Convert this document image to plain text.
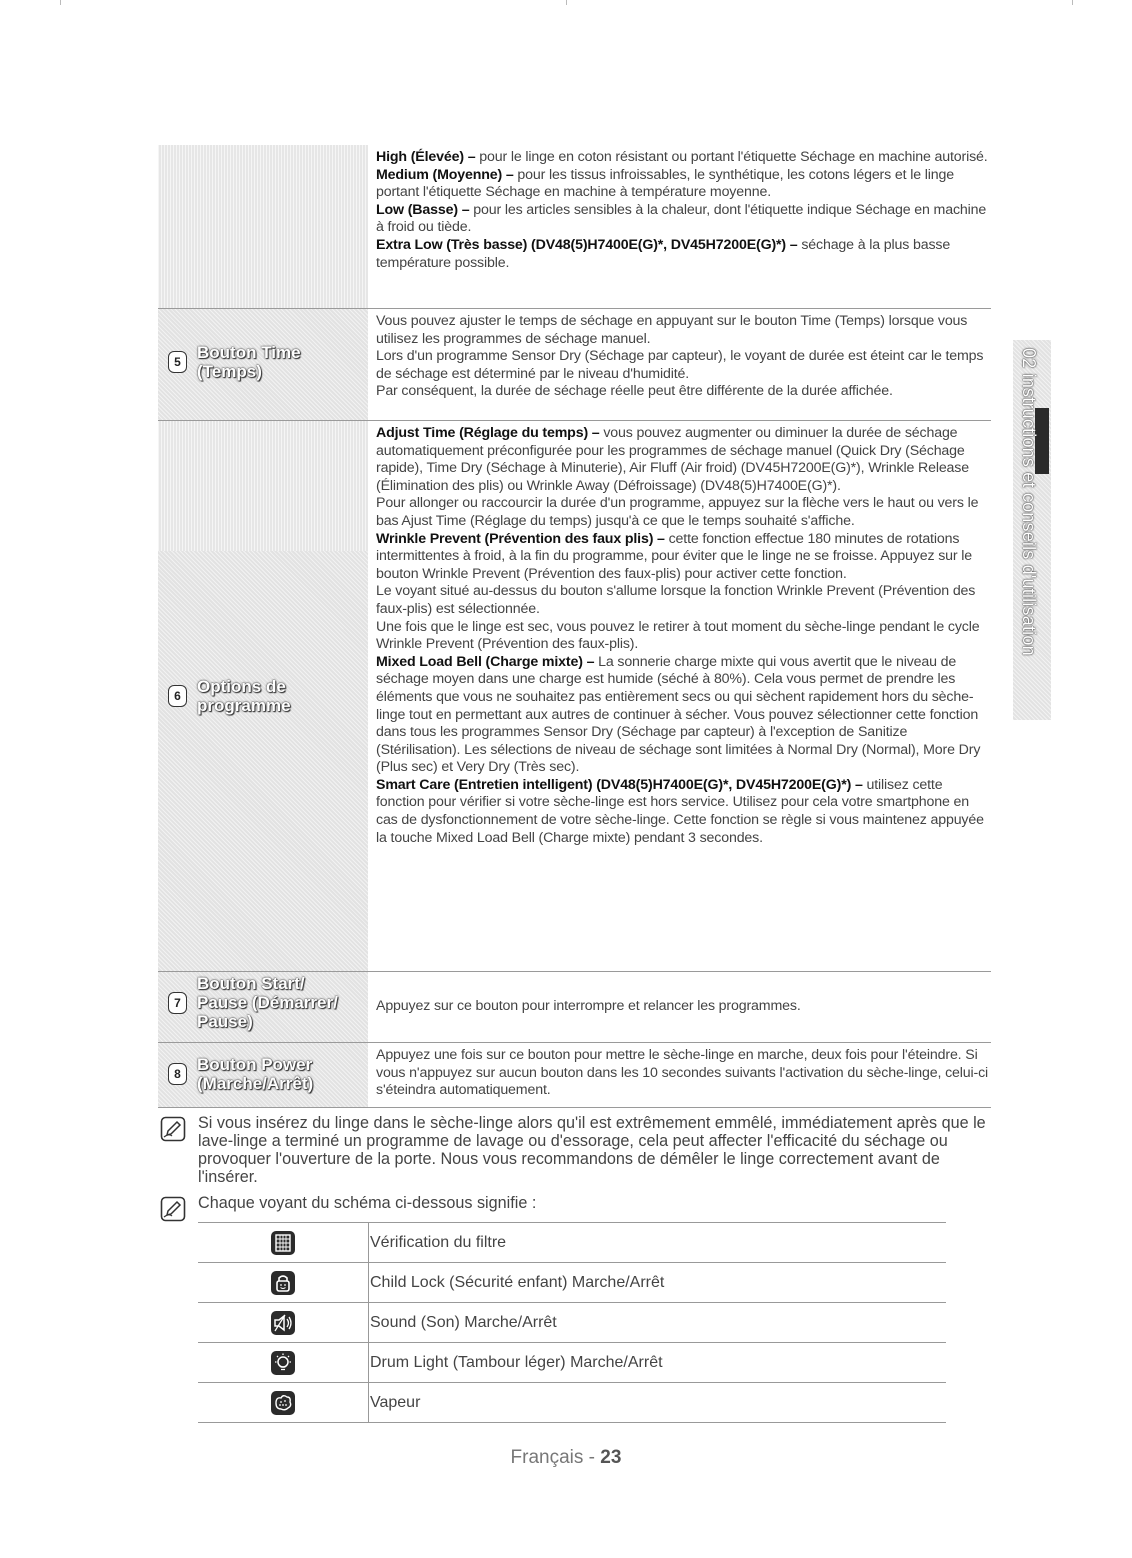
02 instructions et conseils d'utilisation

High (Élevée) – pour le linge en coton résistant ou portant l'étiquette Séchage en machine autorisé.

Medium (Moyenne) – pour les tissus infroissables, le synthétique, les cotons légers et le linge portant l'étiquette Séchage en machine à température moyenne.

Low (Basse) – pour les articles sensibles à la chaleur, dont l'étiquette indique Séchage en machine à froid ou tiède.

Extra Low (Très basse) (DV48(5)H7400E(G)*, DV45H7200E(G)*) – séchage à la plus basse température possible.

5 Bouton Time (Temps)

Vous pouvez ajuster le temps de séchage en appuyant sur le bouton Time (Temps) lorsque vous utilisez les programmes de séchage manuel.

Lors d'un programme Sensor Dry (Séchage par capteur), le voyant de durée est éteint car le temps de séchage est déterminé par le niveau d'humidité.

Par conséquent, la durée de séchage réelle peut être différente de la durée affichée.

6 Options de programme

Adjust Time (Réglage du temps) – vous pouvez augmenter ou diminuer la durée de séchage automatiquement préconfigurée pour les programmes de séchage manuel (Quick Dry (Séchage rapide), Time Dry (Séchage à Minuterie), Air Fluff (Air froid) (DV45H7200E(G)*), Wrinkle Release (Élimination des plis) ou Wrinkle Away (Défroissage) (DV48(5)H7400E(G)*).

Pour allonger ou raccourcir la durée d'un programme, appuyez sur la flèche vers le haut ou vers le bas Ajust Time (Réglage du temps) jusqu'à ce que le temps souhaité s'affiche.

Wrinkle Prevent (Prévention des faux plis) – cette fonction effectue 180 minutes de rotations intermittentes à froid, à la fin du programme, pour éviter que le linge ne se froisse. Appuyez sur le bouton Wrinkle Prevent (Prévention des faux-plis) pour activer cette fonction.

Le voyant situé au-dessus du bouton s'allume lorsque la fonction Wrinkle Prevent (Prévention des faux-plis) est sélectionnée.

Une fois que le linge est sec, vous pouvez le retirer à tout moment du sèche-linge pendant le cycle Wrinkle Prevent (Prévention des faux-plis).

Mixed Load Bell (Charge mixte) – La sonnerie charge mixte qui vous avertit que le niveau de séchage moyen dans une charge est humide (séché à 80%). Cela vous permet de prendre les éléments que vous ne souhaitez pas entièrement secs ou qui sèchent rapidement hors du sèche-linge tout en permettant aux autres de continuer à sécher. Vous pouvez sélectionner cette fonction dans tous les programmes Sensor Dry (Séchage par capteur) à l'exception de Sanitize (Stérilisation). Les sélections de niveau de séchage sont limitées à Normal Dry (Normal), More Dry (Plus sec) et Very Dry (Très sec).

Smart Care (Entretien intelligent) (DV48(5)H7400E(G)*, DV45H7200E(G)*) – utilisez cette fonction pour vérifier si votre sèche-linge est hors service. Utilisez pour cela votre smartphone en cas de dysfonctionnement de votre sèche-linge. Cette fonction se règle si vous maintenez appuyée la touche Mixed Load Bell (Charge mixte) pendant 3 secondes.

7
Bouton Start/ Pause (Démarrer/ Pause)

Appuyez sur ce bouton pour interrompre et relancer les programmes.

8 Bouton Power (Marche/Arrêt)

Appuyez une fois sur ce bouton pour mettre le sèche-linge en marche, deux fois pour l'éteindre. Si vous n'appuyez sur aucun bouton dans les 10 secondes suivants l'activation du sèche-linge, celui-ci s'éteindra automatiquement.

Si vous insérez du linge dans le sèche-linge alors qu'il est extrêmement emmêlé, immédiatement après que le lave-linge a terminé un programme de lavage ou d'essorage, cela peut affecter l'efficacité du séchage ou provoquer l'ouverture de la porte. Nous vous recommandons de démêler le linge correctement avant de l'insérer.
Chaque voyant du schéma ci-dessous signifie :
Vérification du filtre
Child Lock (Sécurité enfant) Marche/Arrêt
Sound (Son) Marche/Arrêt
Drum Light (Tambour léger) Marche/Arrêt
Vapeur
Français - 23
